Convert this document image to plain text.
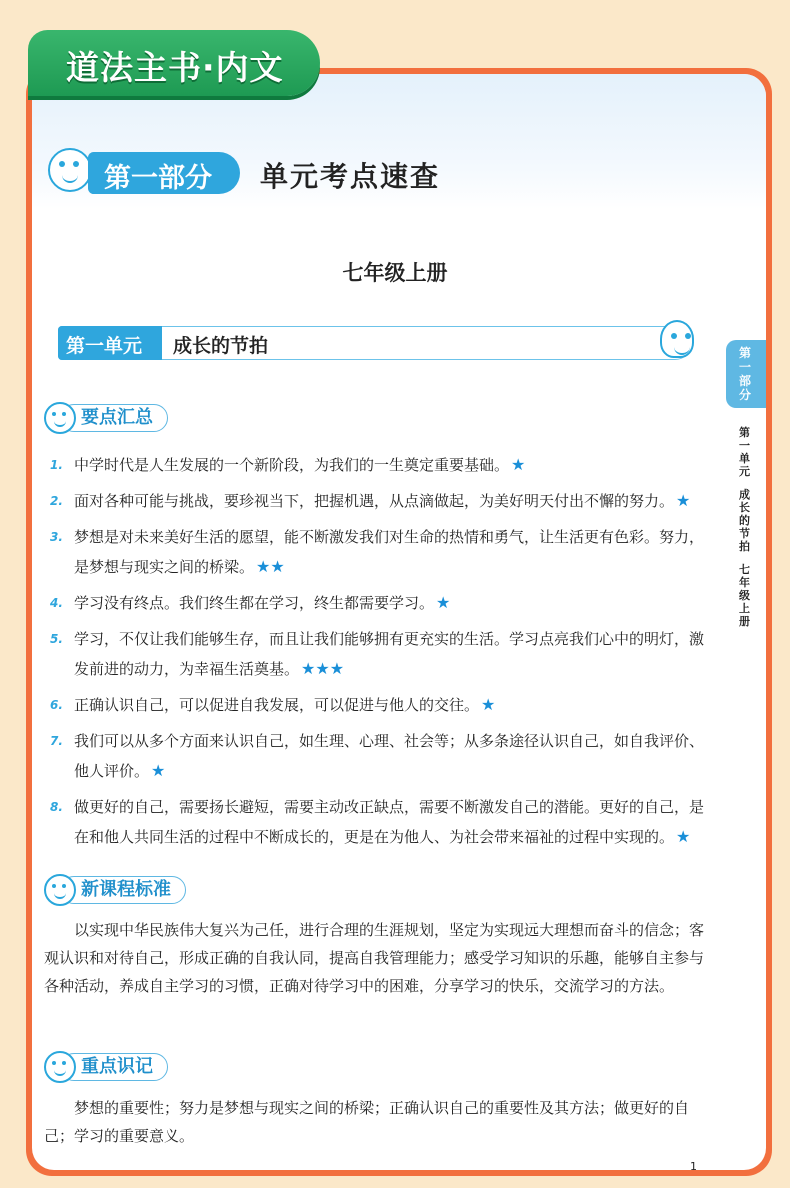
道法主书·内文
第一部分 单元考点速查
七年级上册
第一单元 成长的节拍
要点汇总
1. 中学时代是人生发展的一个新阶段，为我们的一生奠定重要基础。 ★
2. 面对各种可能与挑战，要珍视当下，把握机遇，从点滴做起，为美好明天付出不懈的努力。 ★
3. 梦想是对未来美好生活的愿望，能不断激发我们对生命的热情和勇气，让生活更有色彩。努力，是梦想与现实之间的桥梁。 ★★
4. 学习没有终点。我们终生都在学习，终生都需要学习。 ★
5. 学习，不仅让我们能够生存，而且让我们能够拥有更充实的生活。学习点亮我们心中的明灯，激发前进的动力，为幸福生活奠基。 ★★★
6. 正确认识自己，可以促进自我发展，可以促进与他人的交往。 ★
7. 我们可以从多个方面来认识自己，如生理、心理、社会等；从多条途径认识自己，如自我评价、他人评价。 ★
8. 做更好的自己，需要扬长避短，需要主动改正缺点，需要不断激发自己的潜能。更好的自己，是在和他人共同生活的过程中不断成长的，更是在为他人、为社会带来福祉的过程中实现的。 ★
新课程标准
以实现中华民族伟大复兴为己任，进行合理的生涯规划，坚定为实现远大理想而奋斗的信念；客观认识和对待自己，形成正确的自我认同，提高自我管理能力；感受学习知识的乐趣，能够自主参与各种活动，养成自主学习的习惯，正确对待学习中的困难，分享学习的快乐，交流学习的方法。
重点识记
梦想的重要性；努力是梦想与现实之间的桥梁；正确认识自己的重要性及其方法；做更好的自己；学习的重要意义。
第一部分
第一单元
成长的节拍
七年级上册
1
